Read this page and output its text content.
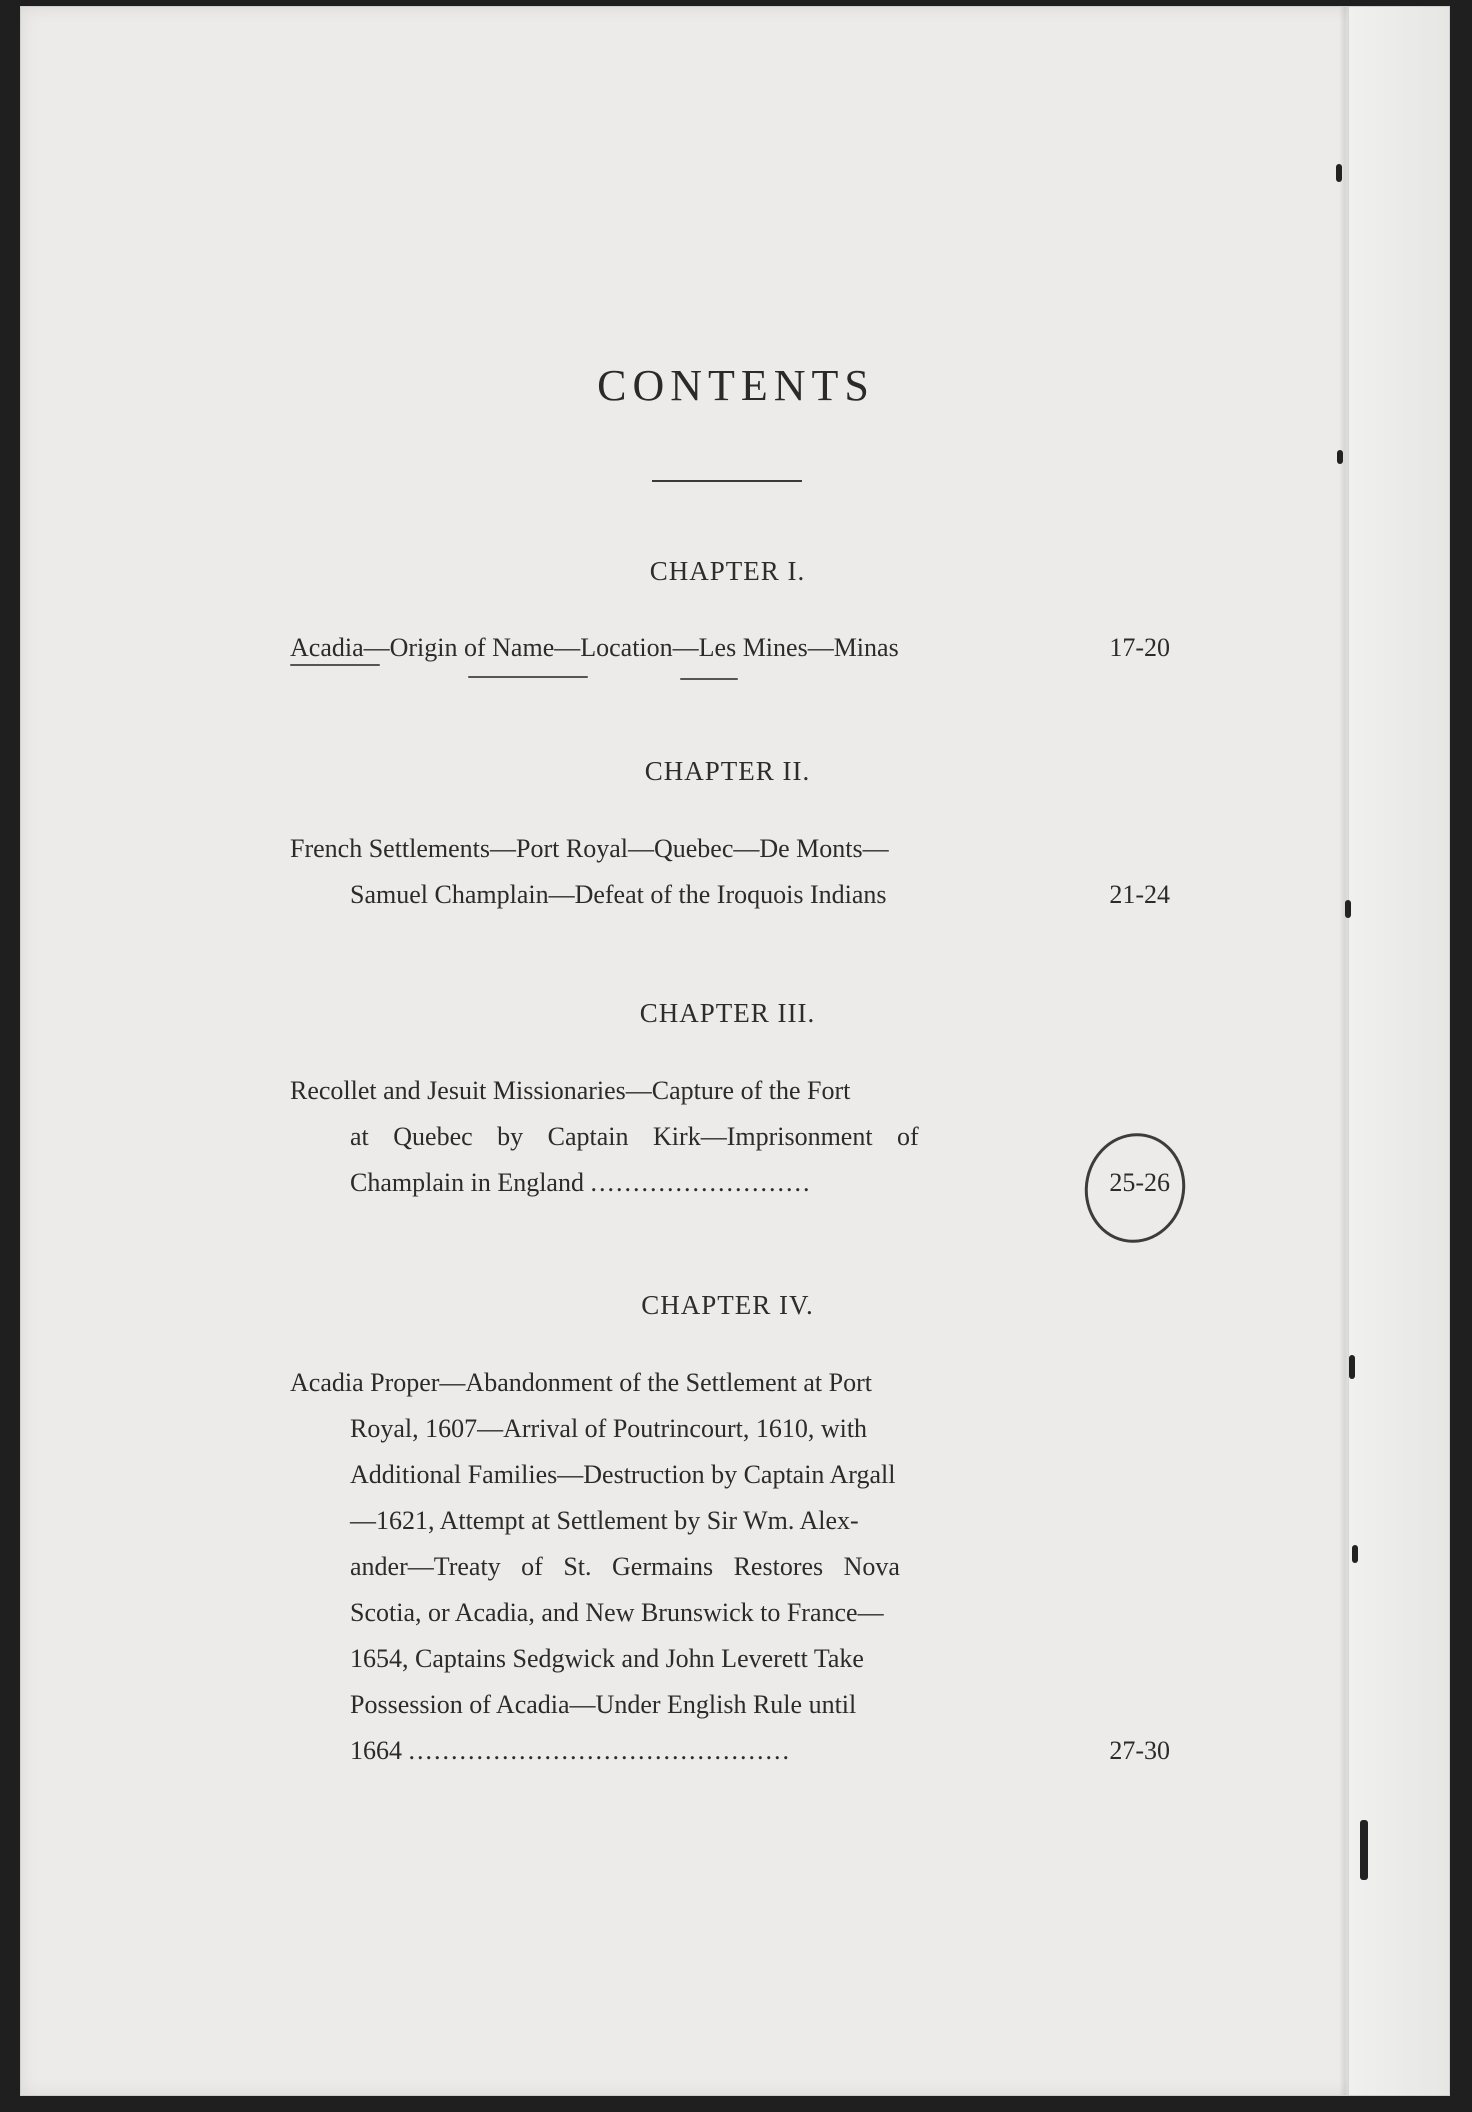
CONTENTS
CHAPTER I.
Acadia—Origin of Name—Location—Les Mines—Minas	17-20
CHAPTER II.
French Settlements—Port Royal—Quebec—De Monts—
Samuel Champlain—Defeat of the Iroquois Indians	21-24
CHAPTER III.
Recollet and Jesuit Missionaries—Capture of the Fort
at Quebec by Captain Kirk—Imprisonment of
Champlain in England ..........................	25-26
CHAPTER IV.
Acadia Proper—Abandonment of the Settlement at Port
Royal, 1607—Arrival of Poutrincourt, 1610, with
Additional Families—Destruction by Captain Argall
—1621, Attempt at Settlement by Sir Wm. Alex-
ander—Treaty of St. Germains Restores Nova
Scotia, or Acadia, and New Brunswick to France—
1654, Captains Sedgwick and John Leverett Take
Possession of Acadia—Under English Rule until
1664 .............................................	27-30
